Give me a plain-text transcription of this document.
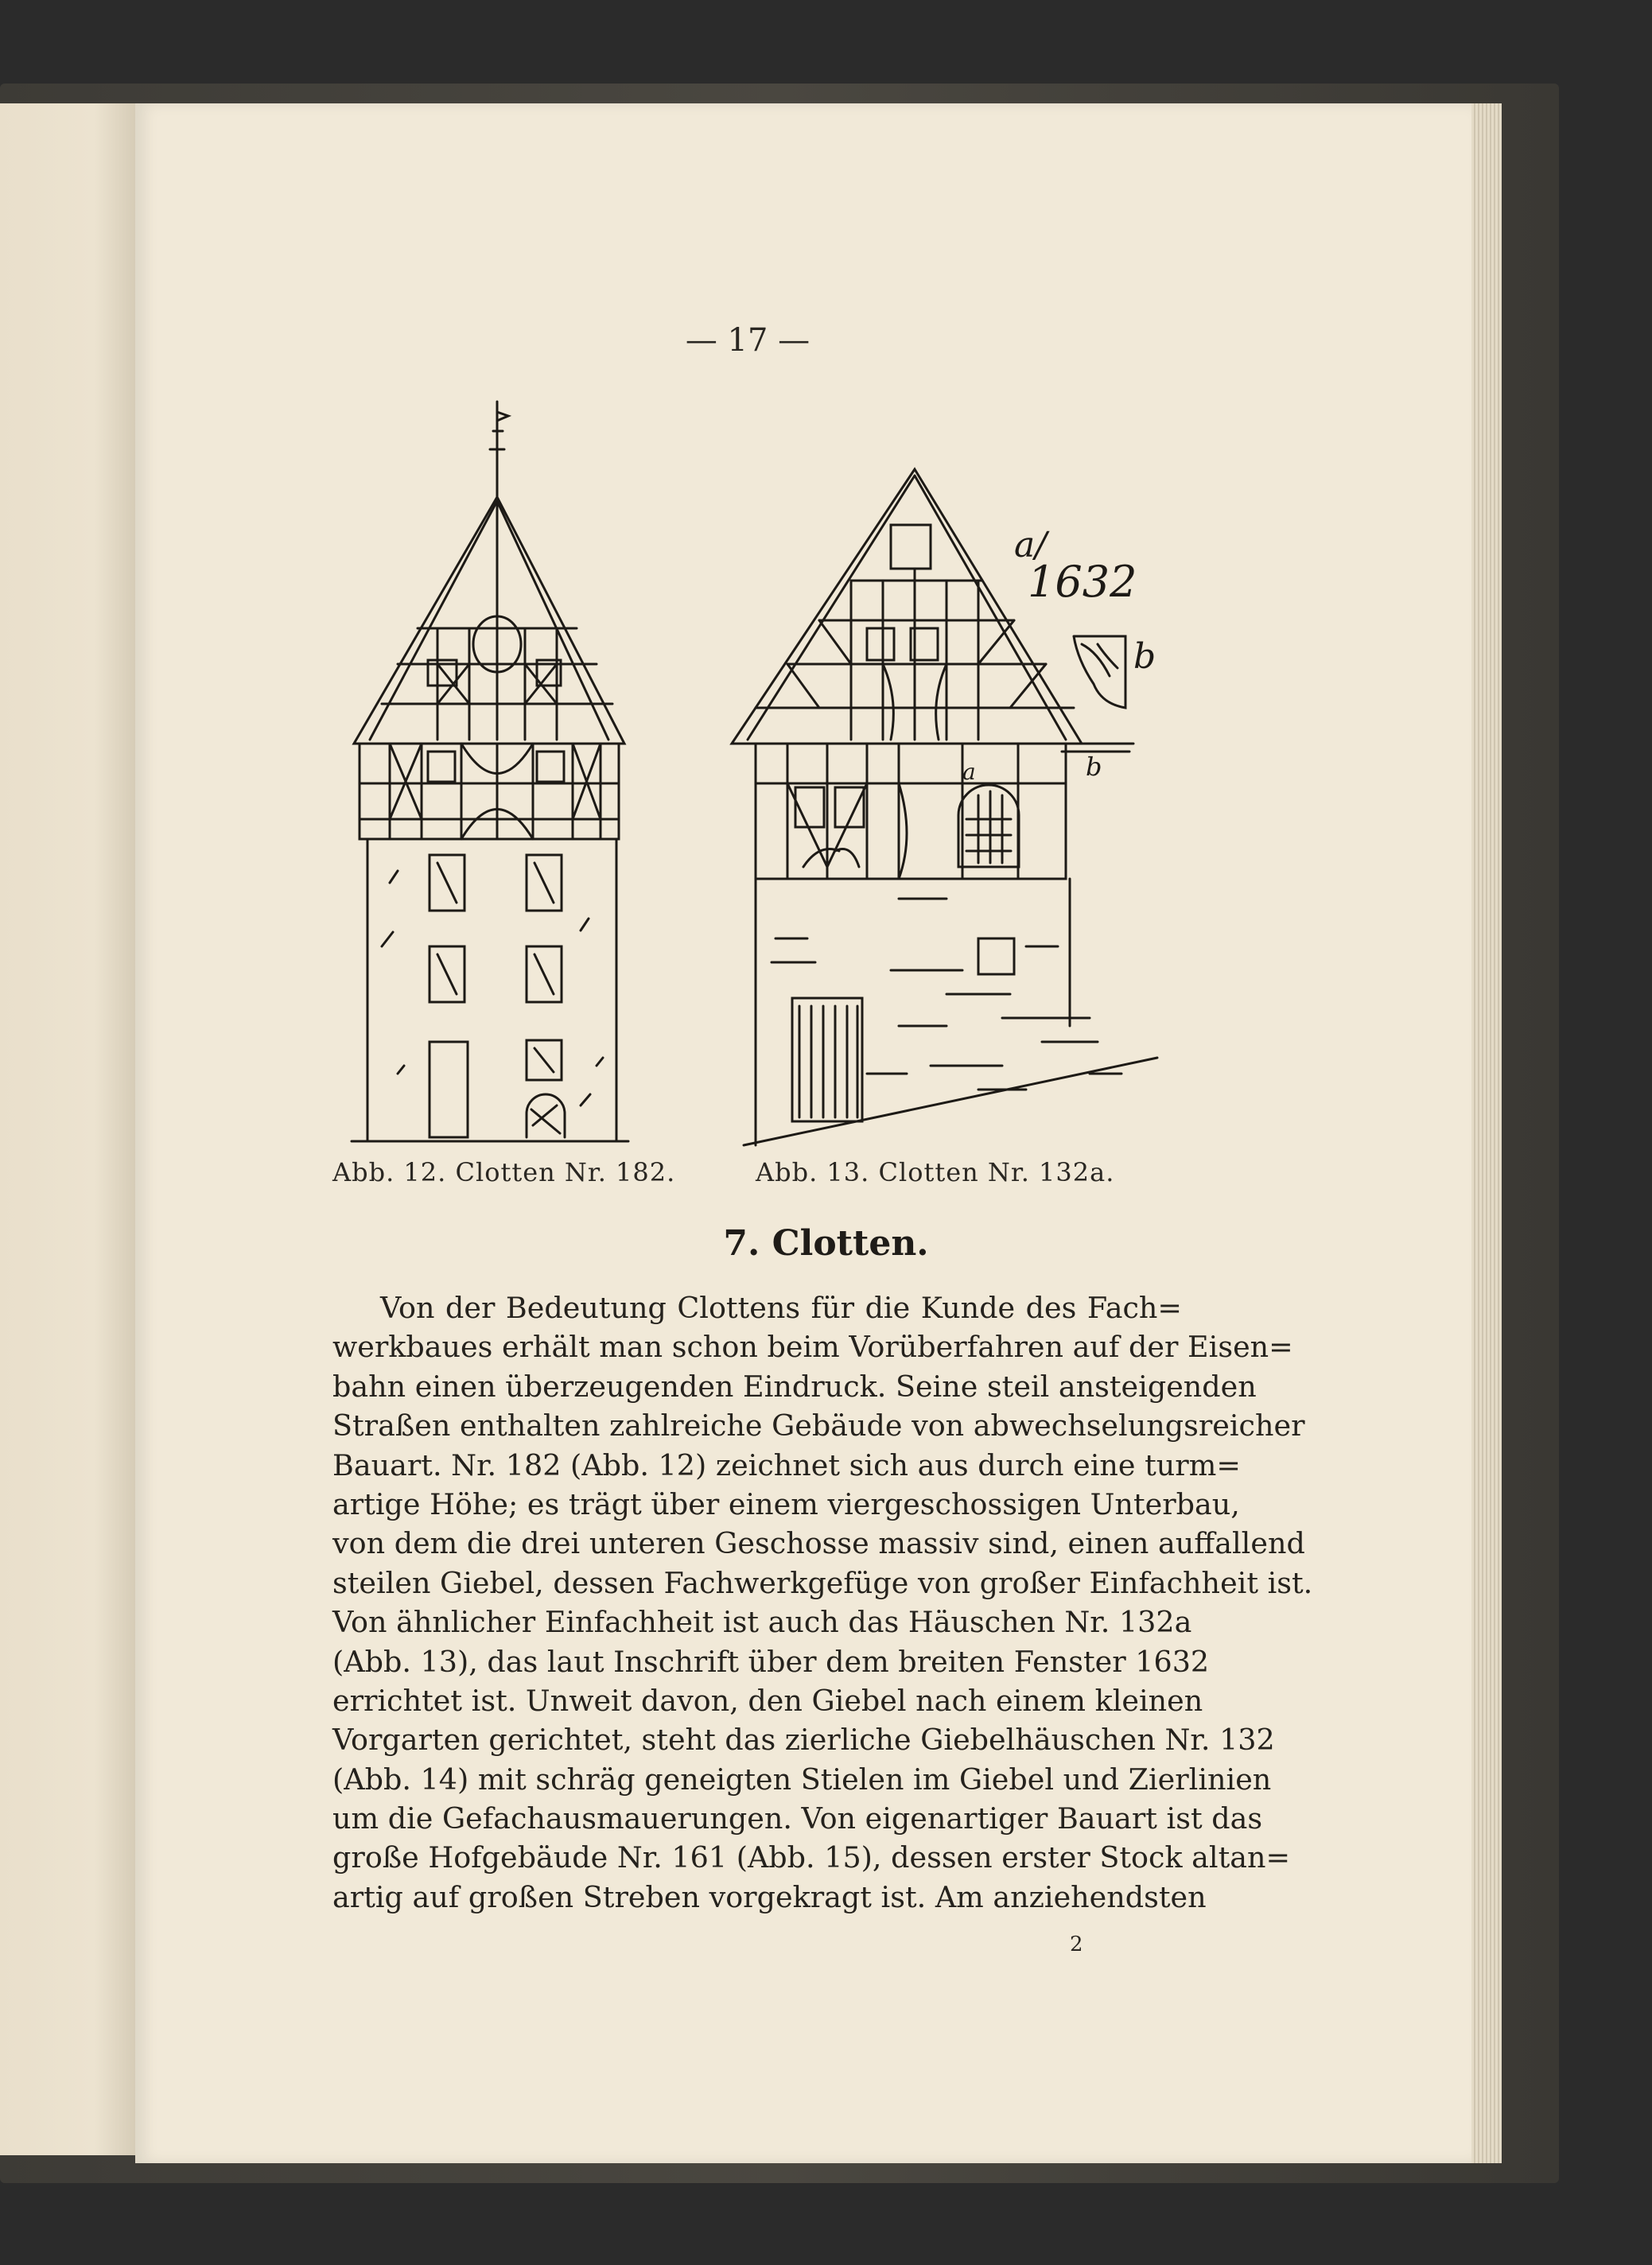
— 17 —
a/
1632
b
b
a
Abb. 12. Clotten Nr. 182.	Abb. 13. Clotten Nr. 132a.
7. Clotten.
Von der Bedeutung Clottens für die Kunde des Fach=
werkbaues erhält man schon beim Vorüberfahren auf der Eisen=
bahn einen überzeugenden Eindruck. Seine steil ansteigenden
Straßen enthalten zahlreiche Gebäude von abwechselungsreicher
Bauart. Nr. 182 (Abb. 12) zeichnet sich aus durch eine turm=
artige Höhe; es trägt über einem viergeschossigen Unterbau,
von dem die drei unteren Geschosse massiv sind, einen auffallend
steilen Giebel, dessen Fachwerkgefüge von großer Einfachheit ist.
Von ähnlicher Einfachheit ist auch das Häuschen Nr. 132a
(Abb. 13), das laut Inschrift über dem breiten Fenster 1632
errichtet ist. Unweit davon, den Giebel nach einem kleinen
Vorgarten gerichtet, steht das zierliche Giebelhäuschen Nr. 132
(Abb. 14) mit schräg geneigten Stielen im Giebel und Zierlinien
um die Gefachausmauerungen. Von eigenartiger Bauart ist das
große Hofgebäude Nr. 161 (Abb. 15), dessen erster Stock altan=
artig auf großen Streben vorgekragt ist. Am anziehendsten
2
